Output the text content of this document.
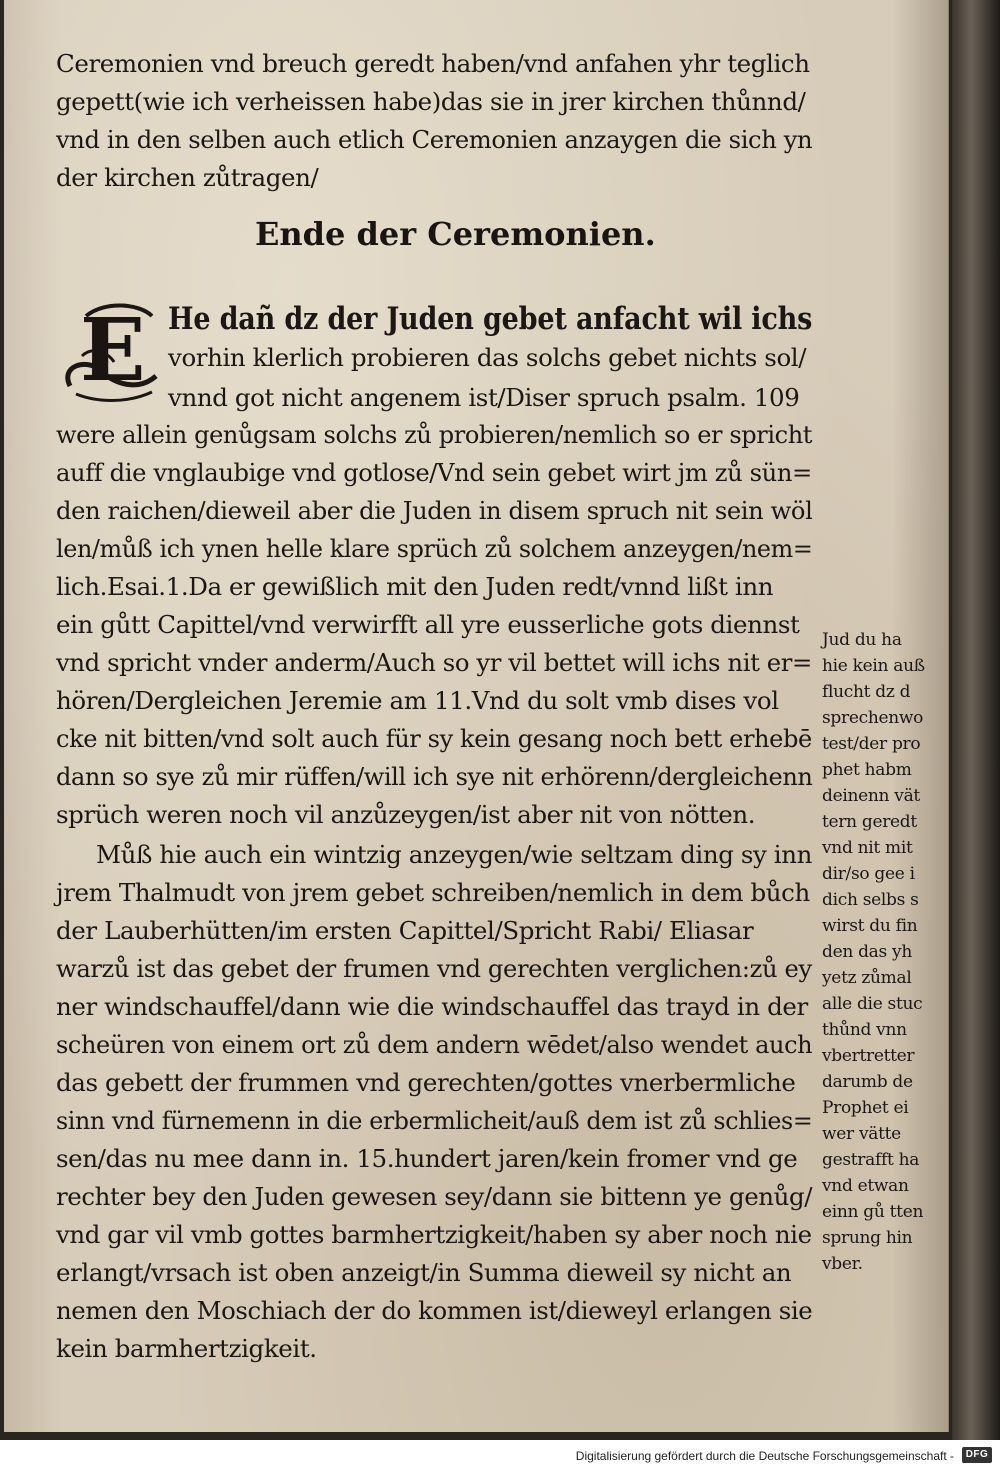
Ceremonien vnd breuch geredt haben/vnd anfahen yhr teglich
gepett(wie ich verheissen habe)das sie in jrer kirchen thůnnd/
vnd in den selben auch etlich Ceremonien anzaygen die sich yn
der kirchen zůtragen/
Ende der Ceremonien.
E He dañ dz der Juden gebet anfacht wil ichs
vorhin klerlich probieren das solchs gebet nichts sol/
vnnd got nicht angenem ist/Diser spruch psalm. 109
were allein genůgsam solchs zů probieren/nemlich so er spricht
auff die vnglaubige vnd gotlose/Vnd sein gebet wirt jm zů sün=
den raichen/dieweil aber die Juden in disem spruch nit sein wöl
len/můß ich ynen helle klare sprüch zů solchem anzeygen/nem=
lich.Esai.1.Da er gewißlich mit den Juden redt/vnnd lißt inn
ein gůtt Capittel/vnd verwirfft all yre eusserliche gots diennst
vnd spricht vnder anderm/Auch so yr vil bettet will ichs nit er=
hören/Dergleichen Jeremie am 11.Vnd du solt vmb dises vol
cke nit bitten/vnd solt auch für sy kein gesang noch bett erhebē
dann so sye zů mir rüffen/will ich sye nit erhörenn/dergleichenn
sprüch weren noch vil anzůzeygen/ist aber nit von nötten.
Můß hie auch ein wintzig anzeygen/wie seltzam ding sy inn
jrem Thalmudt von jrem gebet schreiben/nemlich in dem bůch
der Lauberhütten/im ersten Capittel/Spricht Rabi/ Eliasar
warzů ist das gebet der frumen vnd gerechten verglichen:zů ey
ner windschauffel/dann wie die windschauffel das trayd in der
scheüren von einem ort zů dem andern wēdet/also wendet auch
das gebett der frummen vnd gerechten/gottes vnerbermliche
sinn vnd fürnemenn in die erbermlicheit/auß dem ist zů schlies=
sen/das nu mee dann in. 15.hundert jaren/kein fromer vnd ge
rechter bey den Juden gewesen sey/dann sie bittenn ye genůg/
vnd gar vil vmb gottes barmhertzigkeit/haben sy aber noch nie
erlangt/vrsach ist oben anzeigt/in Summa dieweil sy nicht an
nemen den Moschiach der do kommen ist/dieweyl erlangen sie
kein barmhertzigkeit.
Jud du ha
hie kein auß
flucht dz d
sprechenwo
test/der pro
phet habm
deinenn vät
tern geredt
vnd nit mit
dir/so gee i
dich selbs s
wirst du fin
den das yh
yetz zůmal
alle die stuc
thůnd vnn
vbertretter
darumb de
Prophet ei
wer vätte
gestrafft ha
vnd etwan
einn gů tten
sprung hin
vber.
Digitalisierung gefördert durch die Deutsche Forschungsgemeinschaft -	DFG
